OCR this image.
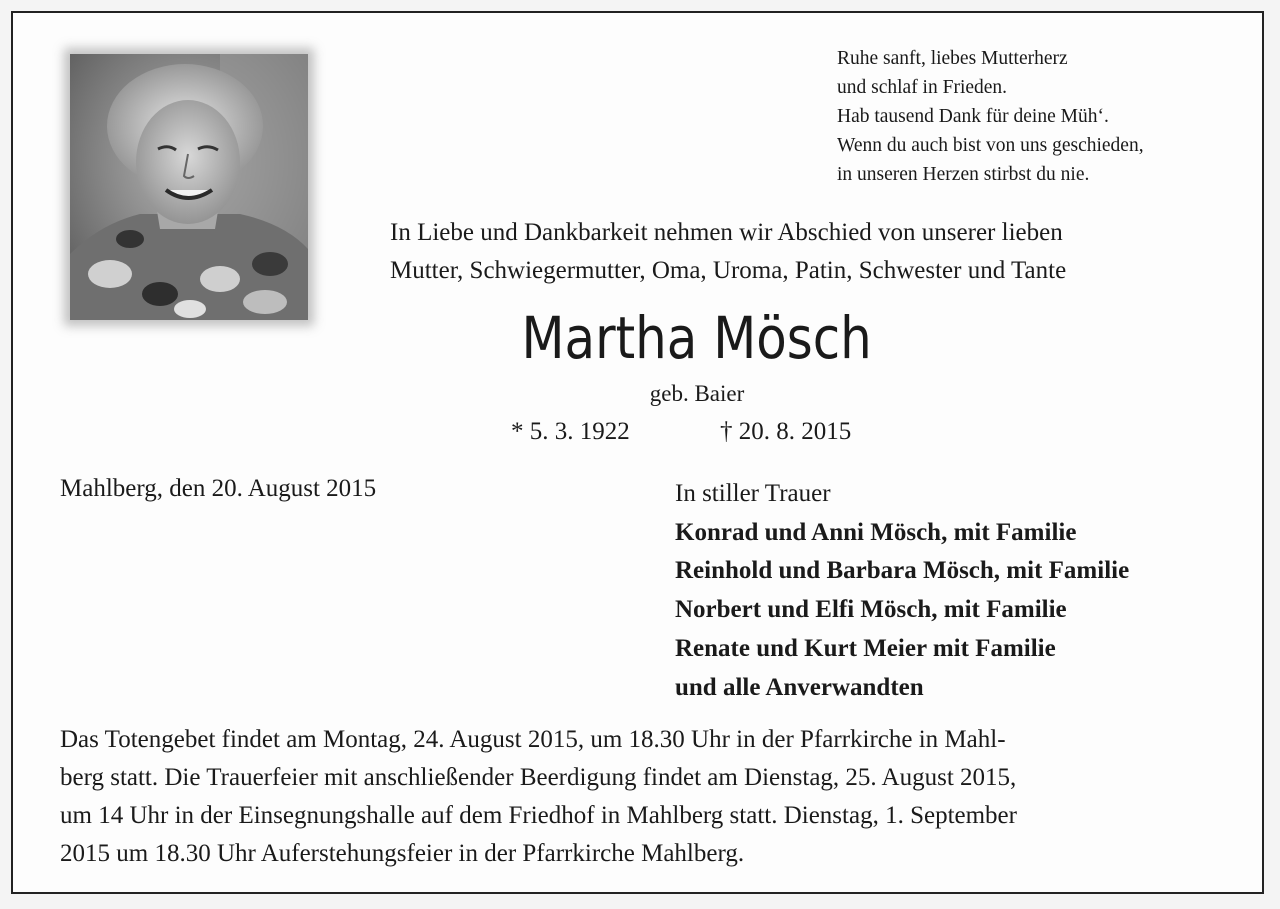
Ruhe sanft, liebes Mutterherz
und schlaf in Frieden.
Hab tausend Dank für deine Müh‘.
Wenn du auch bist von uns geschieden,
in unseren Herzen stirbst du nie.
In Liebe und Dankbarkeit nehmen wir Abschied von unserer lieben
Mutter, Schwiegermutter, Oma, Uroma, Patin, Schwester und Tante
Martha Mösch
geb. Baier
* 5. 3. 1922	† 20. 8. 2015
Mahlberg, den 20. August 2015	In stiller Trauer
Konrad und Anni Mösch, mit Familie
Reinhold und Barbara Mösch, mit Familie
Norbert und Elfi Mösch, mit Familie
Renate und Kurt Meier mit Familie
und alle Anverwandten
Das Totengebet findet am Montag, 24. August 2015, um 18.30 Uhr in der Pfarrkirche in Mahl-
berg statt. Die Trauerfeier mit anschließender Beerdigung findet am Dienstag, 25. August 2015,
um 14 Uhr in der Einsegnungshalle auf dem Friedhof in Mahlberg statt. Dienstag, 1. September
2015 um 18.30 Uhr Auferstehungsfeier in der Pfarrkirche Mahlberg.
